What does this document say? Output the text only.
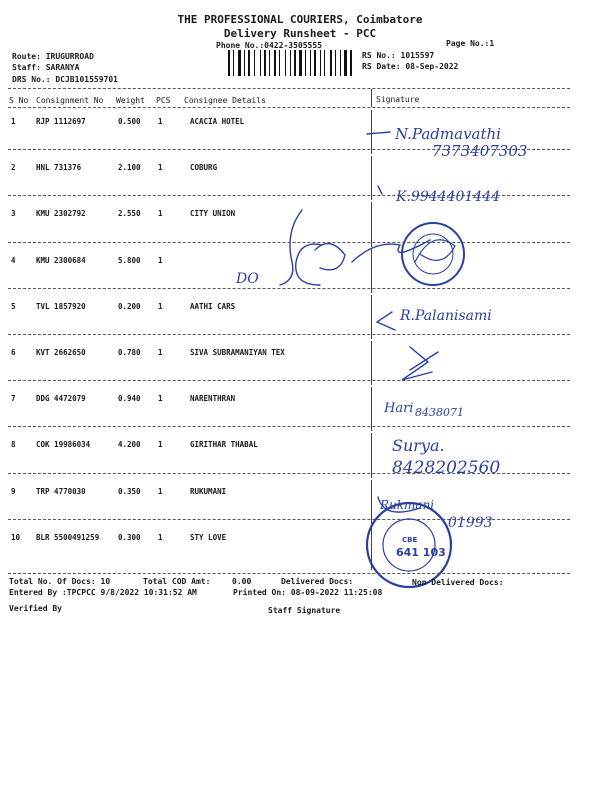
THE PROFESSIONAL COURIERS, Coimbatore
Delivery Runsheet - PCC
Phone No.:0422-3505555	Page No.:1
Route: IRUGURROAD
Staff: SARANYA
DRS No.: DCJB101559701
RS No.: 1015597
RS Date: 08-Sep-2022
S No Consignment No Weight PCS Consignee Details	Signature
1	RJP 1112697	0.500 1	ACACIA HOTEL
2	HNL 731376	2.100 1	COBURG
3	KMU 2302792	2.550 1	CITY UNION
4	KMU 2300684	5.800 1
5	TVL 1857920	0.200 1	AATHI CARS
6	KVT 2662650	0.780 1	SIVA SUBRAMANIYAN TEX
7	DDG 4472079	0.940 1	NARENTHRAN
8	COK 19986034	4.200 1	GIRITHAR THABAL
9	TRP 4770030	0.350 1	RUKUMANI
10 BLR 5500491259	0.300 1	STY LOVE
N.Padmavathi
7373407303
K.9944401444
DO
R.Palanisami
Hari 8438071
Surya.
8428202560
Rukmani
01993
641 103
CBE
Total No. Of Docs: 10	Total COD Amt:	0.00	Delivered Docs:	Non Delivered Docs:
Entered By :TPCPCC 9/8/2022 10:31:52 AM	Printed On: 08-09-2022 11:25:08
Verified By	Staff Signature
